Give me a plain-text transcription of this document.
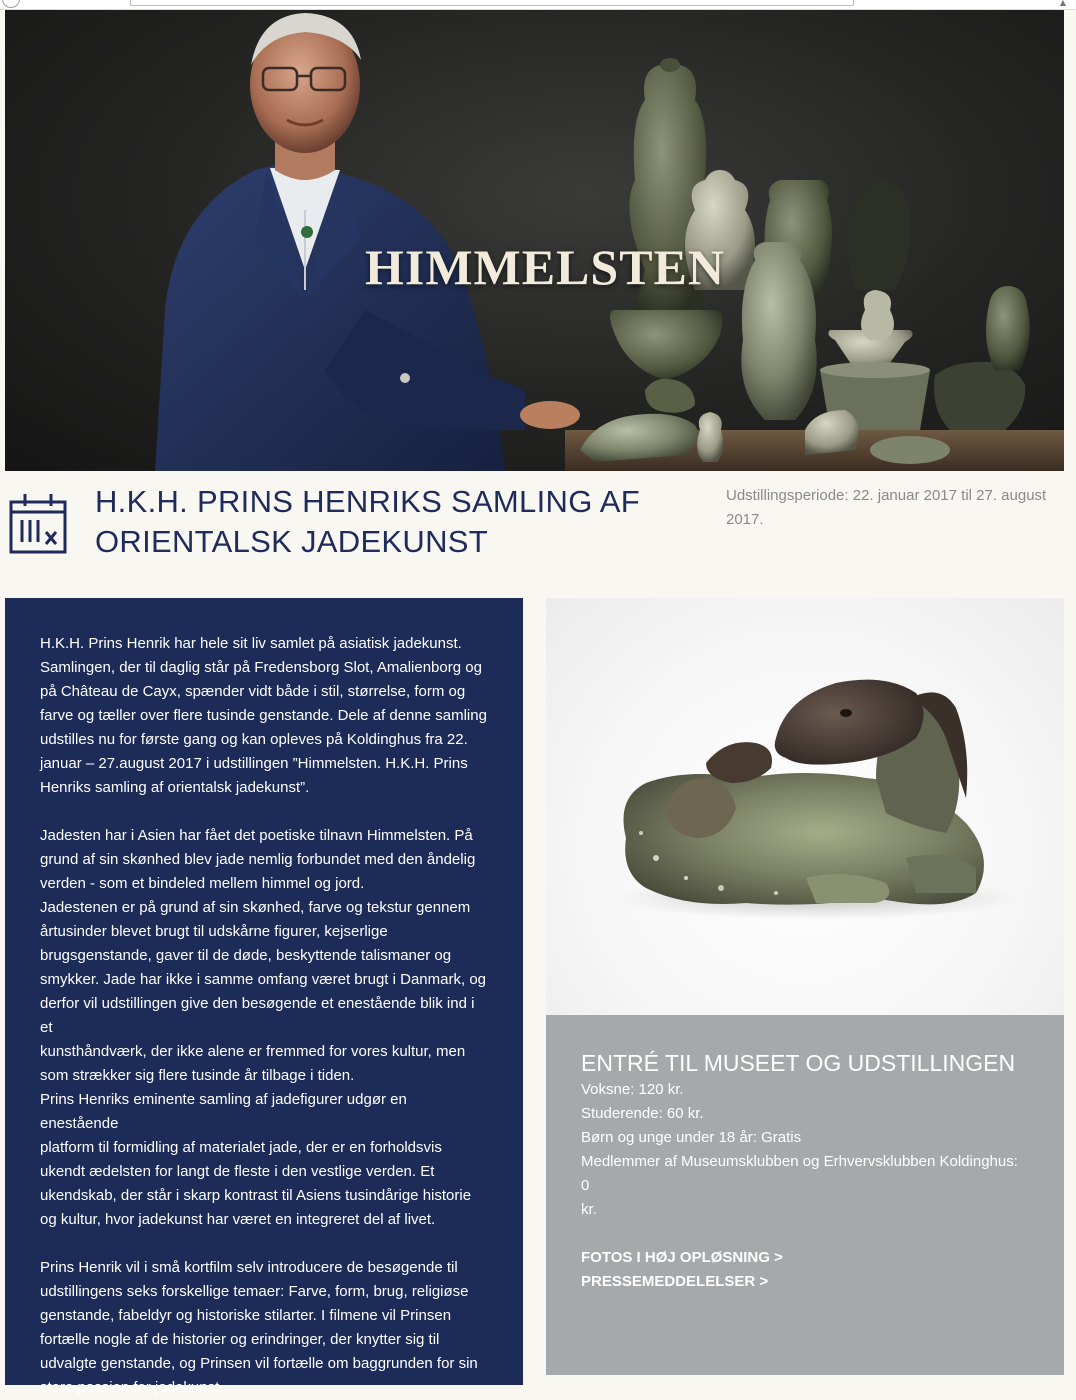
▲
HIMMELSTEN
H.K.H. PRINS HENRIKS SAMLING AF
ORIENTALSK JADEKUNST
Udstillingsperiode: 22. januar 2017 til 27. august
2017.

H.K.H. Prins Henrik har hele sit liv samlet på asiatisk jadekunst.
Samlingen, der til daglig står på Fredensborg Slot, Amalienborg og
på Château de Cayx, spænder vidt både i stil, størrelse, form og
farve og tæller over flere tusinde genstande. Dele af denne samling
udstilles nu for første gang og kan opleves på Koldinghus fra 22.
januar – 27.august 2017 i udstillingen ”Himmelsten. H.K.H. Prins
Henriks samling af orientalsk jadekunst”.

Jadesten har i Asien har fået det poetiske tilnavn Himmelsten. På
grund af sin skønhed blev jade nemlig forbundet med den åndelig
verden - som et bindeled mellem himmel og jord.
Jadestenen er på grund af sin skønhed, farve og tekstur gennem
årtusinder blevet brugt til udskårne figurer, kejserlige
brugsgenstande, gaver til de døde, beskyttende talismaner og
smykker. Jade har ikke i samme omfang været brugt i Danmark, og
derfor vil udstillingen give den besøgende et enestående blik ind i et
kunsthåndværk, der ikke alene er fremmed for vores kultur, men
som strækker sig flere tusinde år tilbage i tiden.
Prins Henriks eminente samling af jadefigurer udgør en enestående
platform til formidling af materialet jade, der er en forholdsvis
ukendt ædelsten for langt de fleste i den vestlige verden. Et
ukendskab, der står i skarp kontrast til Asiens tusindårige historie
og kultur, hvor jadekunst har været en integreret del af livet.

Prins Henrik vil i små kortfilm selv introducere de besøgende til
udstillingens seks forskellige temaer: Farve, form, brug, religiøse
genstande, fabeldyr og historiske stilarter. I filmene vil Prinsen
fortælle nogle af de historier og erindringer, der knytter sig til
udvalgte genstande, og Prinsen vil fortælle om baggrunden for sin
store passion for jadekunst.

ENTRÉ TIL MUSEET OG UDSTILLINGEN

Voksne: 120 kr.

Studerende: 60 kr.

Børn og unge under 18 år: Gratis

Medlemmer af Museumsklubben og Erhvervsklubben Koldinghus: 0
kr.

FOTOS I HØJ OPLØSNING >
PRESSEMEDDELELSER >
